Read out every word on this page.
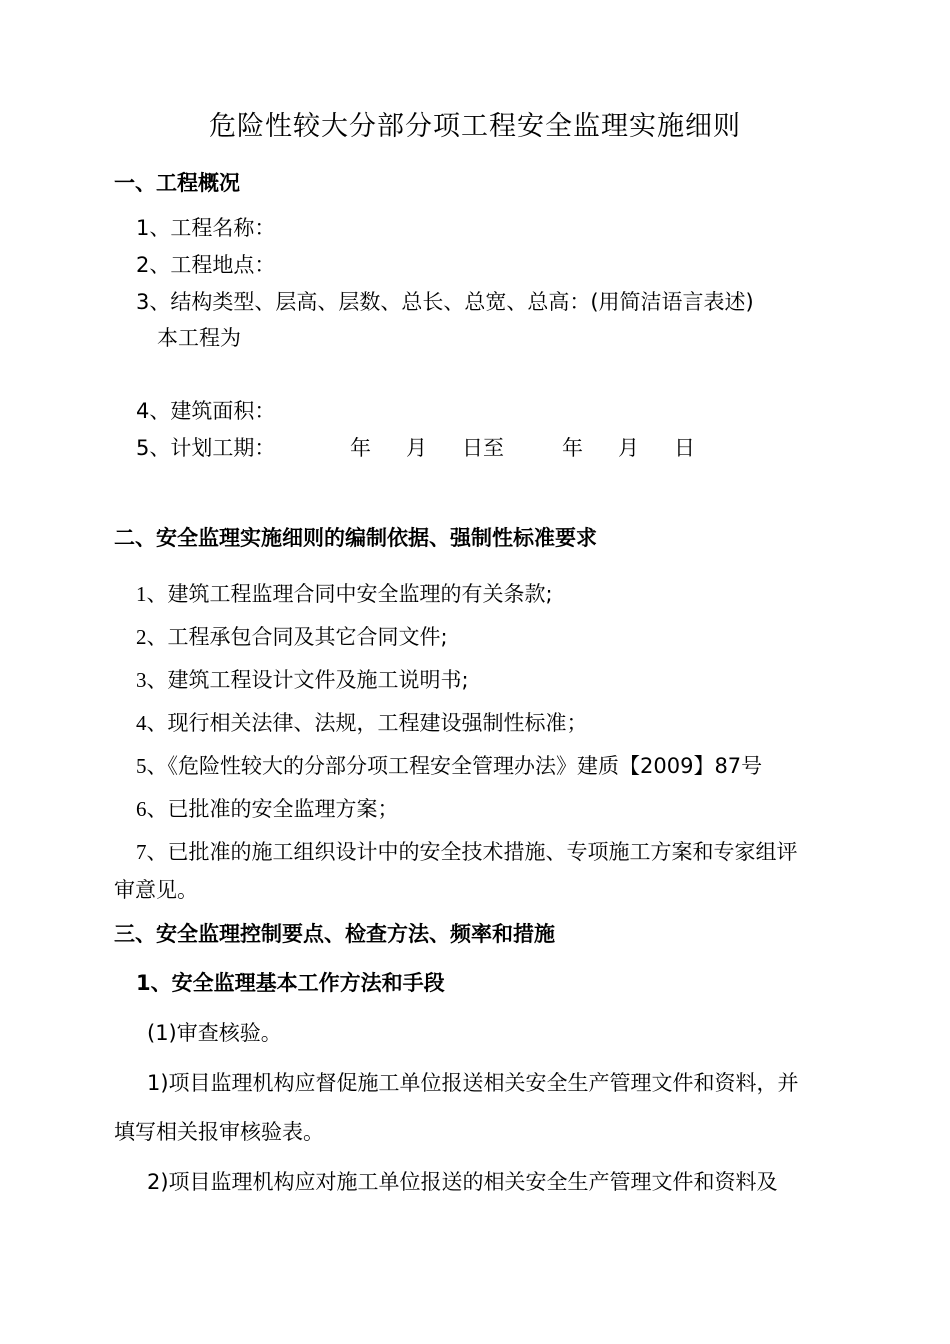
危险性较大分部分项工程安全监理实施细则
一、工程概况
1、工程名称：
2、工程地点：
3、结构类型、层高、层数、总长、总宽、总高：(用简洁语言表述)
本工程为
4、建筑面积：
5、计划工期：	年 月 日至	年 月 日
二、安全监理实施细则的编制依据、强制性标准要求
1、建筑工程监理合同中安全监理的有关条款;
2、工程承包合同及其它合同文件;
3、建筑工程设计文件及施工说明书;
4、现行相关法律、法规，工程建设强制性标准；
5、《危险性较大的分部分项工程安全管理办法》建质【2009】87号
6、已批准的安全监理方案；
7、已批准的施工组织设计中的安全技术措施、专项施工方案和专家组评
审意见。
三、安全监理控制要点、检查方法、频率和措施
1、安全监理基本工作方法和手段
(1)审查核验。
1)项目监理机构应督促施工单位报送相关安全生产管理文件和资料，并
填写相关报审核验表。
2)项目监理机构应对施工单位报送的相关安全生产管理文件和资料及
